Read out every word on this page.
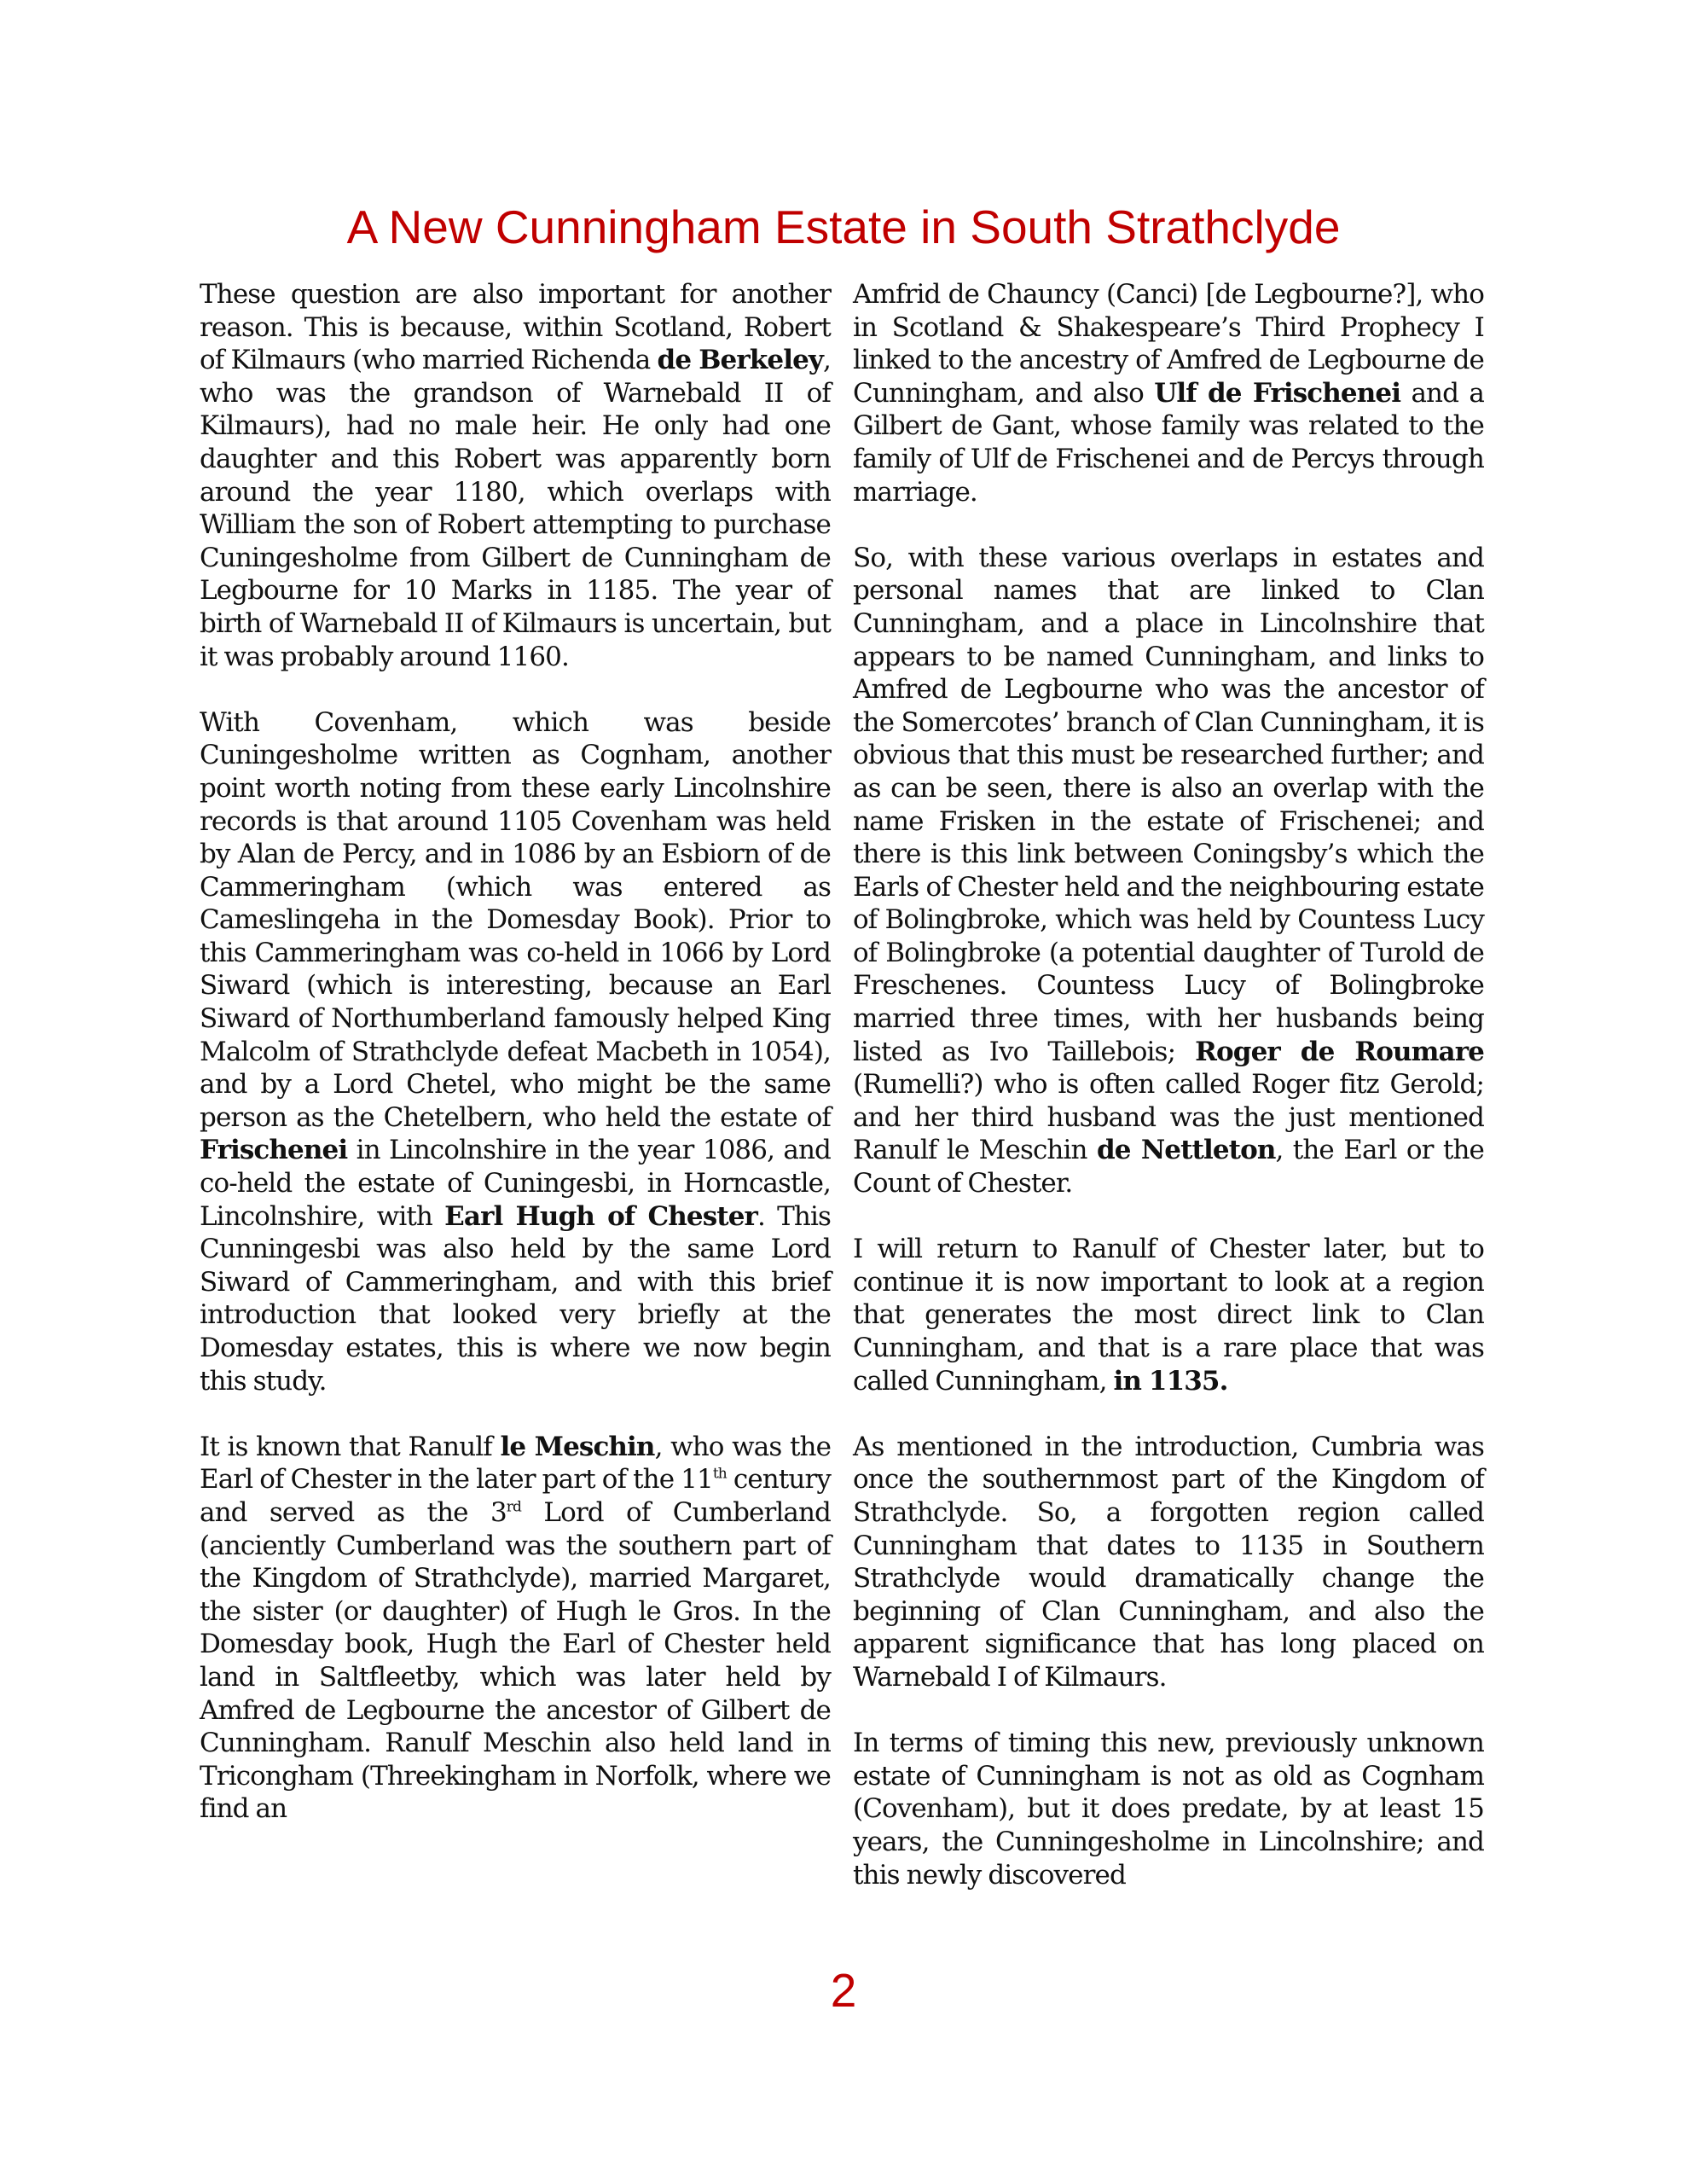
A New Cunningham Estate in South Strathclyde

These question are also important for another reason. This is because, within Scotland, Robert of Kilmaurs (who married Richenda de Berkeley, who was the grandson of Warnebald II of Kilmaurs), had no male heir. He only had one daughter and this Robert was apparently born around the year 1180, which overlaps with William the son of Robert attempting to purchase Cuningesholme from Gilbert de Cunningham de Legbourne for 10 Marks in 1185. The year of birth of Warnebald II of Kilmaurs is uncertain, but it was probably around 1160.

With Covenham, which was beside Cuningesholme written as Cognham, another point worth noting from these early Lincolnshire records is that around 1105 Covenham was held by Alan de Percy, and in 1086 by an Esbiorn of de Cammeringham (which was entered as Cameslingeha in the Domesday Book). Prior to this Cammeringham was co-held in 1066 by Lord Siward (which is interesting, because an Earl Siward of Northumberland famously helped King Malcolm of Strathclyde defeat Macbeth in 1054), and by a Lord Chetel, who might be the same person as the Chetelbern, who held the estate of Frischenei in Lincolnshire in the year 1086, and co-held the estate of Cuningesbi, in Horncastle, Lincolnshire, with Earl Hugh of Chester. This Cunningesbi was also held by the same Lord Siward of Cammeringham, and with this brief introduction that looked very briefly at the Domesday estates, this is where we now begin this study.

It is known that Ranulf le Meschin, who was the Earl of Chester in the later part of the 11th century and served as the 3rd Lord of Cumberland (anciently Cumberland was the southern part of the Kingdom of Strathclyde), married Margaret, the sister (or daughter) of Hugh le Gros. In the Domesday book, Hugh the Earl of Chester held land in Saltfleetby, which was later held by Amfred de Legbourne the ancestor of Gilbert de Cunningham. Ranulf Meschin also held land in Tricongham (Threekingham in Norfolk, where we find an

Amfrid de Chauncy (Canci) [de Legbourne?], who in Scotland & Shakespeare’s Third Prophecy I linked to the ancestry of Amfred de Legbourne de Cunningham, and also Ulf de Frischenei and a Gilbert de Gant, whose family was related to the family of Ulf de Frischenei and de Percys through marriage.

So, with these various overlaps in estates and personal names that are linked to Clan Cunningham, and a place in Lincolnshire that appears to be named Cunningham, and links to Amfred de Legbourne who was the ancestor of the Somercotes’ branch of Clan Cunningham, it is obvious that this must be researched further; and as can be seen, there is also an overlap with the name Frisken in the estate of Frischenei; and there is this link between Coningsby’s which the Earls of Chester held and the neighbouring estate of Bolingbroke, which was held by Countess Lucy of Bolingbroke (a potential daughter of Turold de Freschenes. Countess Lucy of Bolingbroke married three times, with her husbands being listed as Ivo Taillebois; Roger de Roumare (Rumelli?) who is often called Roger fitz Gerold; and her third husband was the just mentioned Ranulf le Meschin de Nettleton, the Earl or the Count of Chester.

I will return to Ranulf of Chester later, but to continue it is now important to look at a region that generates the most direct link to Clan Cunningham, and that is a rare place that was called Cunningham, in 1135.

As mentioned in the introduction, Cumbria was once the southernmost part of the Kingdom of Strathclyde. So, a forgotten region called Cunningham that dates to 1135 in Southern Strathclyde would dramatically change the beginning of Clan Cunningham, and also the apparent significance that has long placed on Warnebald I of Kilmaurs.

In terms of timing this new, previously unknown estate of Cunningham is not as old as Cognham (Covenham), but it does predate, by at least 15 years, the Cunningesholme in Lincolnshire; and this newly discovered

2
